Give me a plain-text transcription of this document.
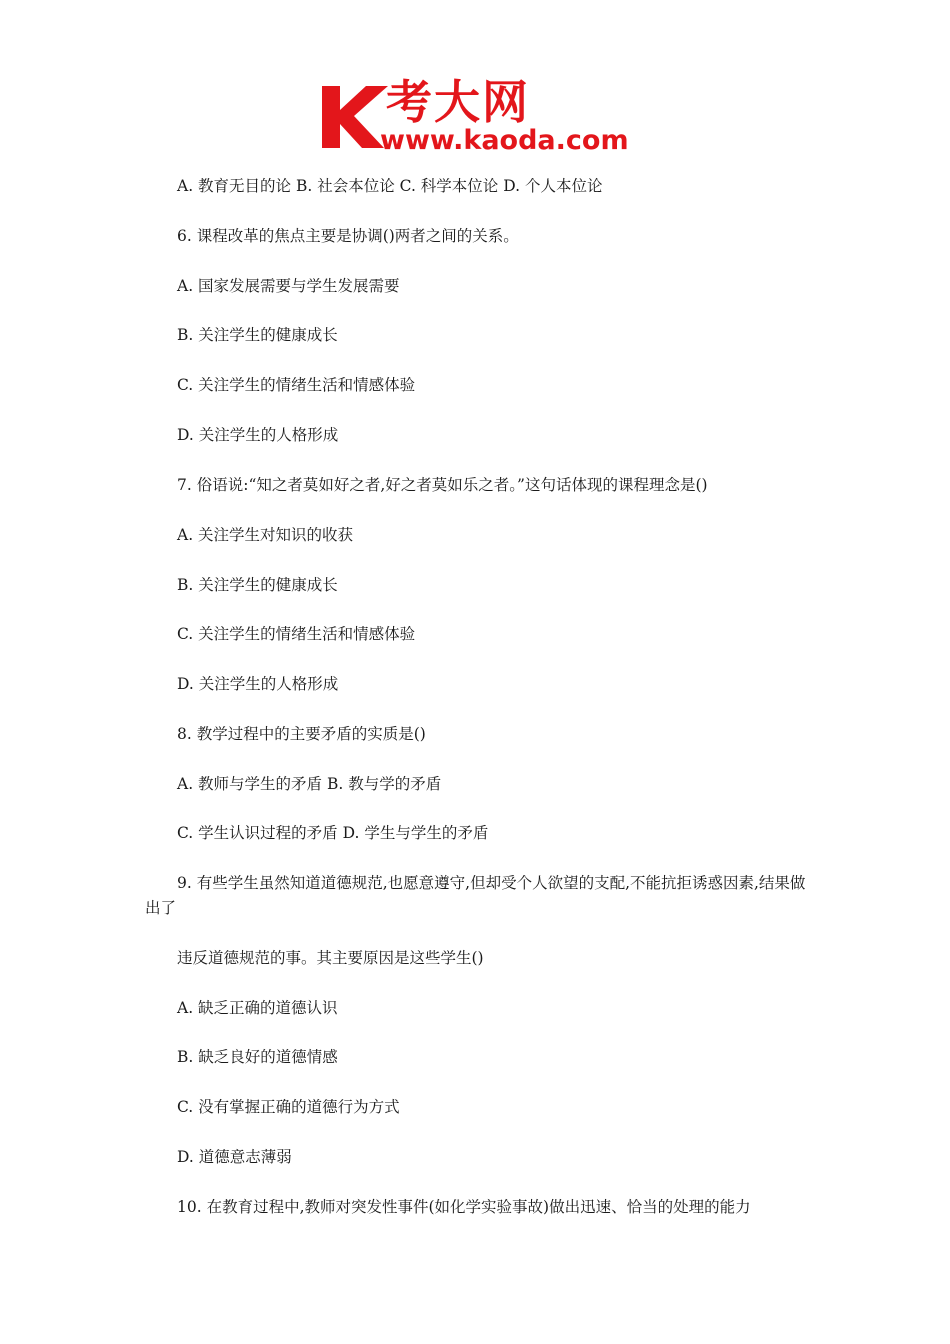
考大网
www.kaoda.com
A. 教育无目的论 B. 社会本位论 C. 科学本位论 D. 个人本位论
6. 课程改革的焦点主要是协调()两者之间的关系。
A. 国家发展需要与学生发展需要
B. 关注学生的健康成长
C. 关注学生的情绪生活和情感体验
D. 关注学生的人格形成
7. 俗语说:“知之者莫如好之者,好之者莫如乐之者。”这句话体现的课程理念是()
A. 关注学生对知识的收获
B. 关注学生的健康成长
C. 关注学生的情绪生活和情感体验
D. 关注学生的人格形成
8. 教学过程中的主要矛盾的实质是()
A. 教师与学生的矛盾 B. 教与学的矛盾
C. 学生认识过程的矛盾 D. 学生与学生的矛盾
9. 有些学生虽然知道道德规范,也愿意遵守,但却受个人欲望的支配,不能抗拒诱惑因素,结果做出了
违反道德规范的事。其主要原因是这些学生()
A. 缺乏正确的道德认识
B. 缺乏良好的道德情感
C. 没有掌握正确的道德行为方式
D. 道德意志薄弱
10. 在教育过程中,教师对突发性事件(如化学实验事故)做出迅速、恰当的处理的能力
